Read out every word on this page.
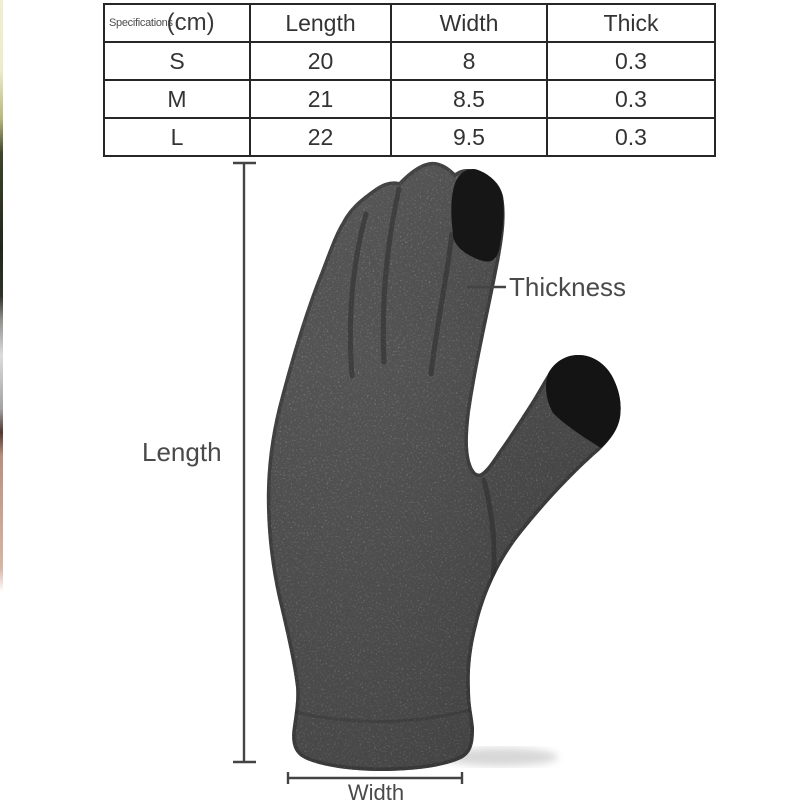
Specifications
(cm)	Length	Width	Thick
S	20	8	0.3
M	21	8.5	0.3
L	22	9.5	0.3
Length
Thickness
Width
